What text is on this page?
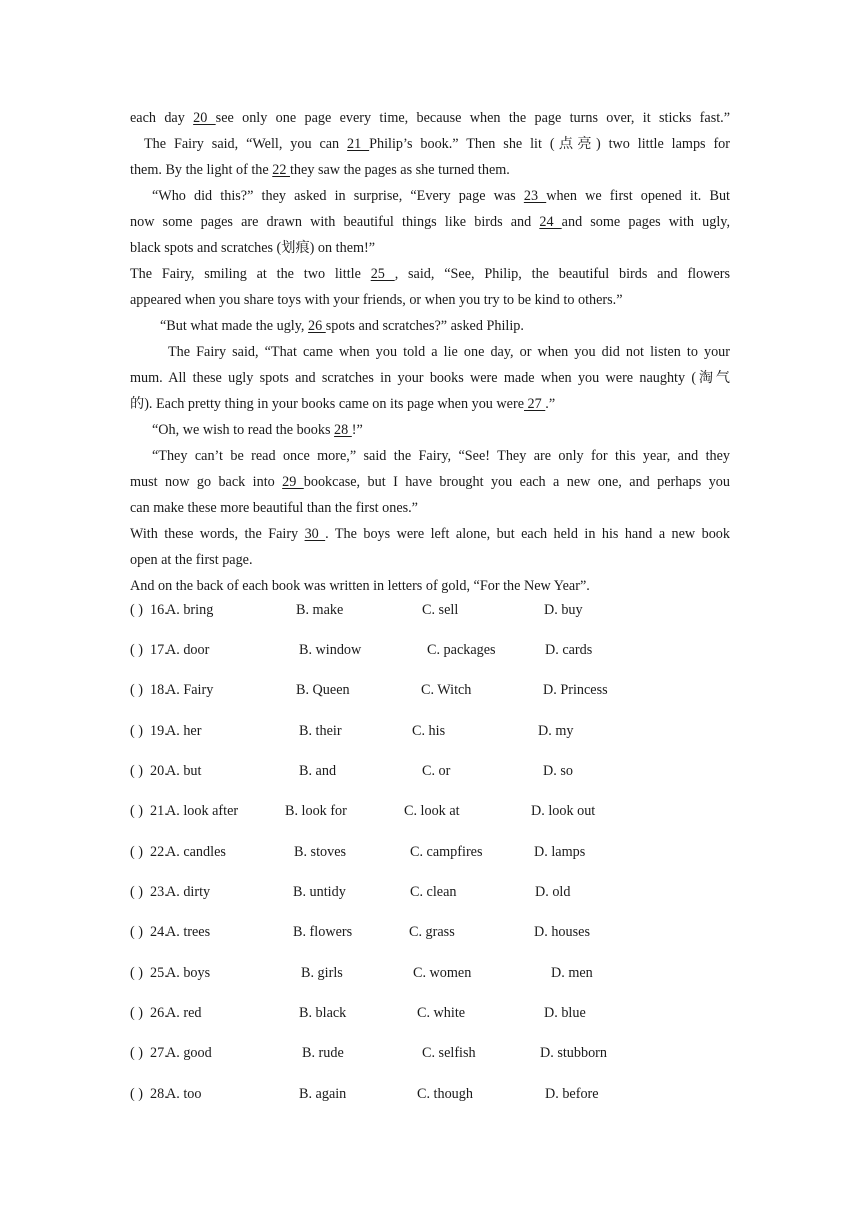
each day 20 see only one page every time, because when the page turns over, it sticks fast.”
The Fairy said, “Well, you can 21 Philip’s book.” Then she lit (点亮) two little lamps for
them. By the light of the 22 they saw the pages as she turned them.
“Who did this?” they asked in surprise, “Every page was 23 when we first opened it. But
now some pages are drawn with beautiful things like birds and 24 and some pages with ugly,
black spots and scratches (划痕) on them!”
The Fairy, smiling at the two little 25 , said, “See, Philip, the beautiful birds and flowers
appeared when you share toys with your friends, or when you try to be kind to others.”
“But what made the ugly, 26 spots and scratches?” asked Philip.
The Fairy said, “That came when you told a lie one day, or when you did not listen to your
mum. All these ugly spots and scratches in your books were made when you were naughty (淘气
的). Each pretty thing in your books came on its page when you were 27 .”
“Oh, we wish to read the books 28 !”
“They can’t be read once more,” said the Fairy, “See! They are only for this year, and they
must now go back into 29 bookcase, but I have brought you each a new one, and perhaps you
can make these more beautiful than the first ones.”
With these words, the Fairy 30 . The boys were left alone, but each held in his hand a new book
open at the first page.
And on the back of each book was written in letters of gold, “For the New Year”.
( ) 16.
A. bring	B. make	C. sell	D. buy
( ) 17.
A. door	B. window	C. packages	D. cards
( ) 18.
A. Fairy	B. Queen	C. Witch	D. Princess
( ) 19.
A. her	B. their	C. his	D. my
( ) 20.
A. but	B. and	C. or	D. so
( ) 21.
A. look after	B. look for	C. look at	D. look out
( ) 22.
A. candles	B. stoves	C. campfires	D. lamps
( ) 23.
A. dirty	B. untidy	C. clean	D. old
( ) 24.
A. trees	B. flowers	C. grass	D. houses
( ) 25.
A. boys	B. girls	C. women	D. men
( ) 26.
A. red	B. black	C. white	D. blue
( ) 27.
A. good	B. rude	C. selfish	D. stubborn
( ) 28.
A. too	B. again	C. though	D. before
